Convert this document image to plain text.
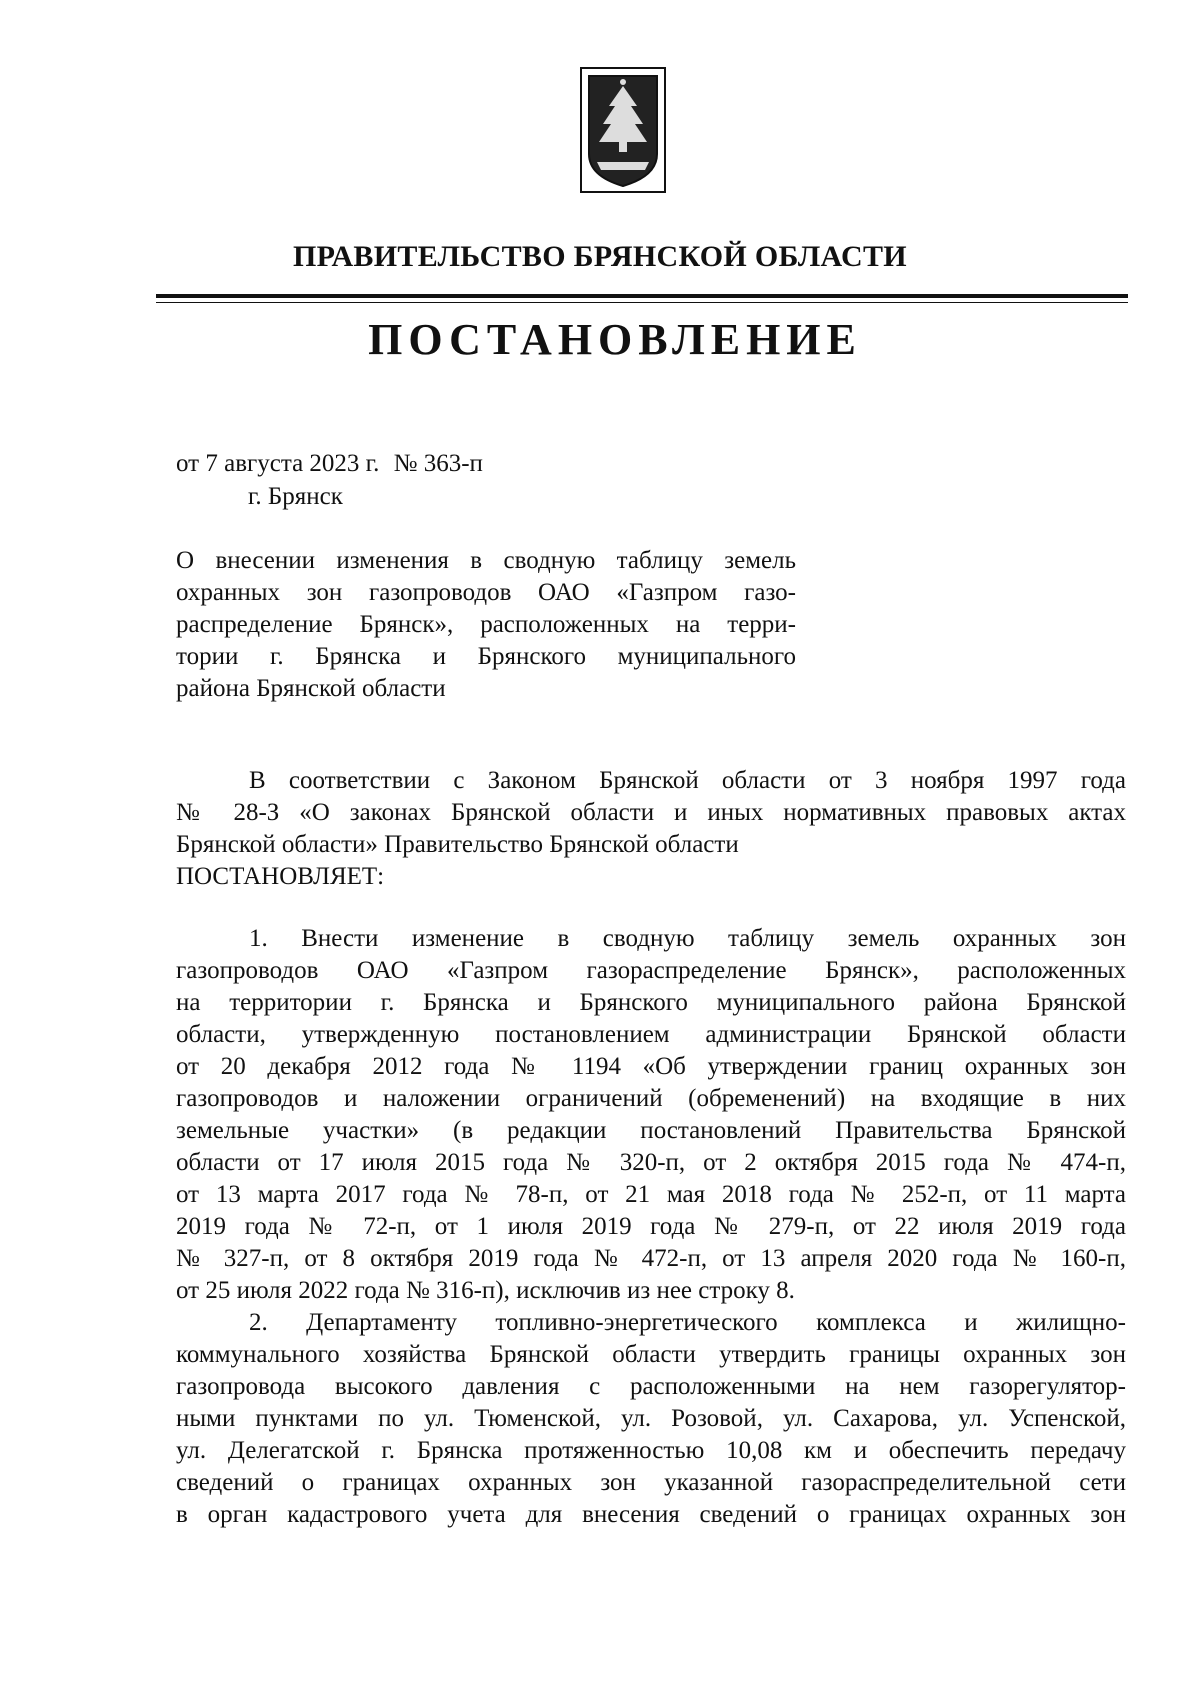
ПРАВИТЕЛЬСТВО БРЯНСКОЙ ОБЛАСТИ
ПОСТАНОВЛЕНИЕ
от 7 августа 2023 г. № 363-п
г. Брянск
О внесении изменения в сводную таблицу земель
охранных зон газопроводов ОАО «Газпром газо-
распределение Брянск», расположенных на терри-
тории г. Брянска и Брянского муниципального
района Брянской области
В соответствии с Законом Брянской области от 3 ноября 1997 года
№ 28-З «О законах Брянской области и иных нормативных правовых актах
Брянской области» Правительство Брянской области
ПОСТАНОВЛЯЕТ:
1. Внести изменение в сводную таблицу земель охранных зон
газопроводов ОАО «Газпром газораспределение Брянск», расположенных
на территории г. Брянска и Брянского муниципального района Брянской
области, утвержденную постановлением администрации Брянской области
от 20 декабря 2012 года № 1194 «Об утверждении границ охранных зон
газопроводов и наложении ограничений (обременений) на входящие в них
земельные участки» (в редакции постановлений Правительства Брянской
области от 17 июля 2015 года № 320-п, от 2 октября 2015 года № 474-п,
от 13 марта 2017 года № 78-п, от 21 мая 2018 года № 252-п, от 11 марта
2019 года № 72-п, от 1 июля 2019 года № 279-п, от 22 июля 2019 года
№ 327-п, от 8 октября 2019 года № 472-п, от 13 апреля 2020 года № 160-п,
от 25 июля 2022 года № 316-п), исключив из нее строку 8.
2. Департаменту топливно-энергетического комплекса и жилищно-
коммунального хозяйства Брянской области утвердить границы охранных зон
газопровода высокого давления с расположенными на нем газорегулятор-
ными пунктами по ул. Тюменской, ул. Розовой, ул. Сахарова, ул. Успенской,
ул. Делегатской г. Брянска протяженностью 10,08 км и обеспечить передачу
сведений о границах охранных зон указанной газораспределительной сети
в орган кадастрового учета для внесения сведений о границах охранных зон
